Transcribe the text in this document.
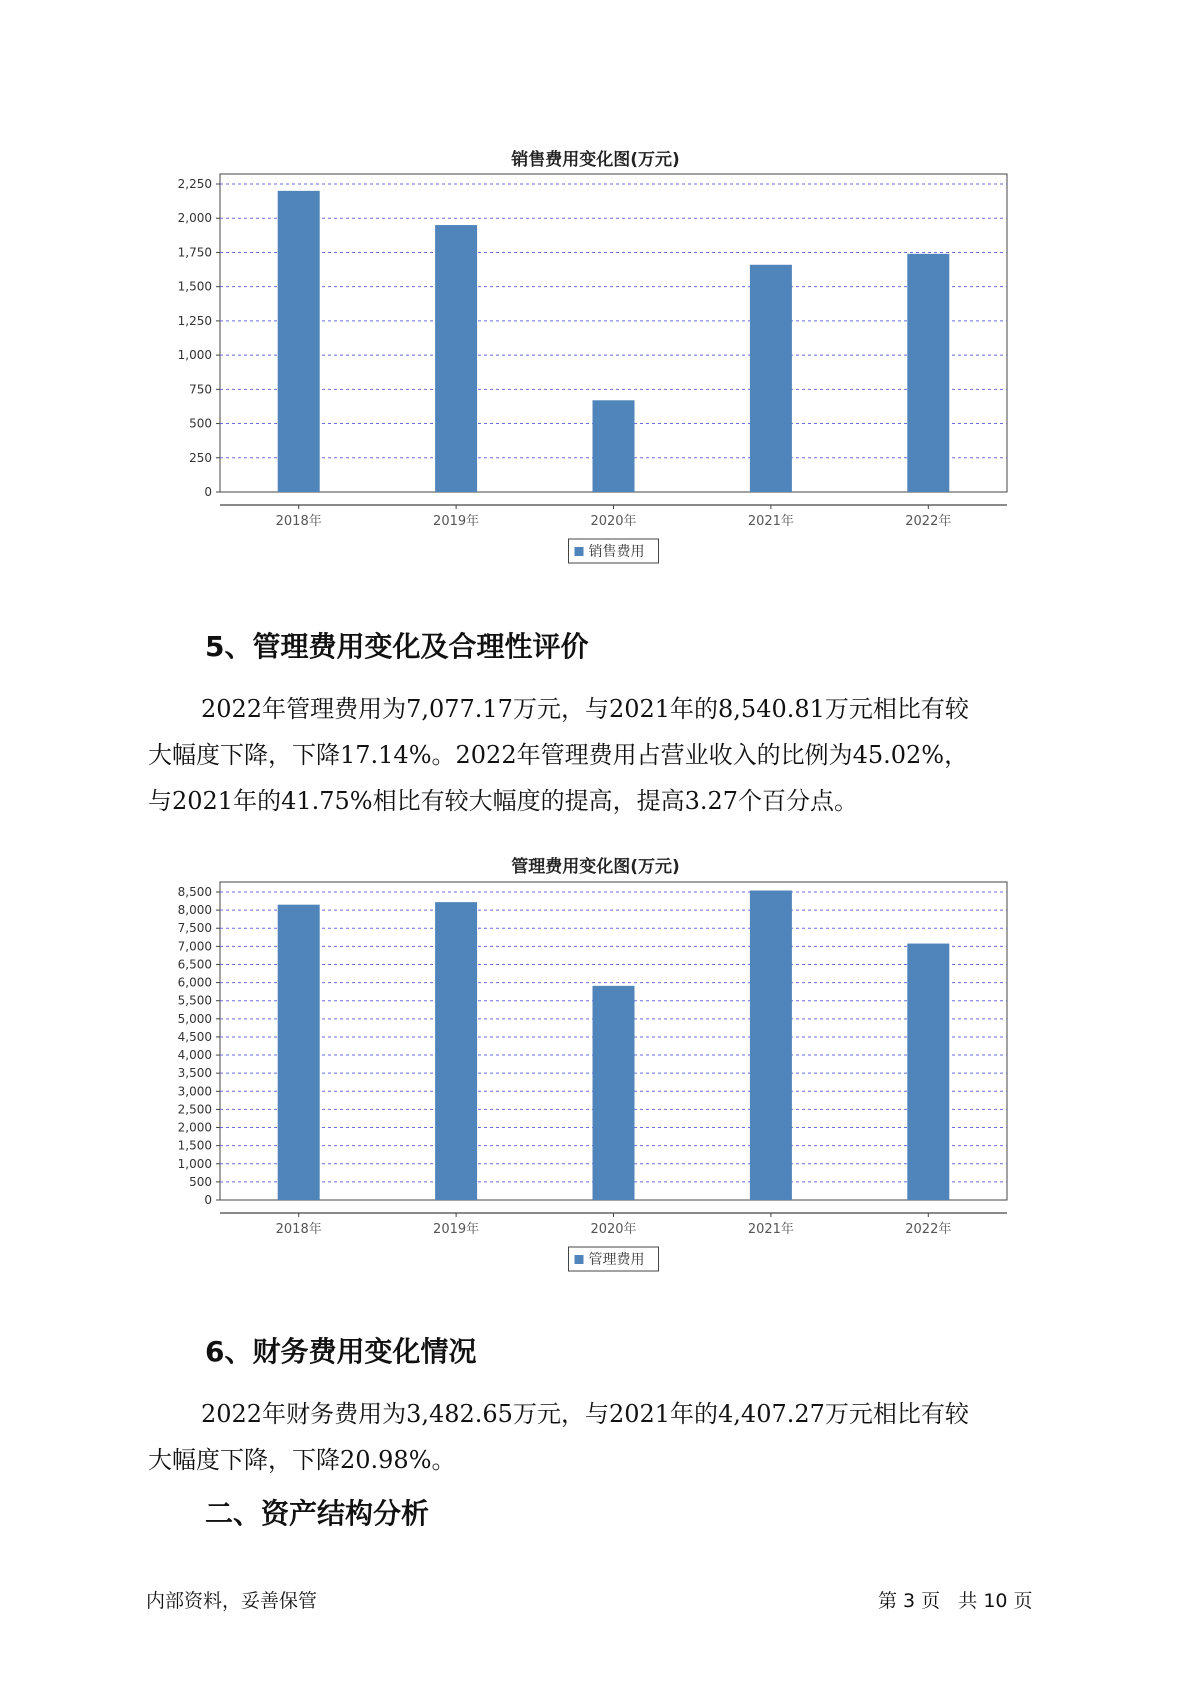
销售费用变化图(万元)
0
250
500
750
1,000
1,250
1,500
1,750
2,000
2,250
2018年	2019年	2020年	2021年	2022年
销售费用
5、管理费用变化及合理性评价

2022年管理费用为7,077.17万元，与2021年的8,540.81万元相比有较

大幅度下降，下降17.14%。2022年管理费用占营业收入的比例为45.02%，

与2021年的41.75%相比有较大幅度的提高，提高3.27个百分点。

管理费用变化图(万元)
0
500
1,000
1,500
2,000
2,500
3,000
3,500
4,000
4,500
5,000
5,500
6,000
6,500
7,000
7,500
8,000
8,500
2018年	2019年	2020年	2021年	2022年
管理费用
6、财务费用变化情况

2022年财务费用为3,482.65万元，与2021年的4,407.27万元相比有较

大幅度下降，下降20.98%。

二、资产结构分析
内部资料，妥善保管	第 3 页   共 10 页
